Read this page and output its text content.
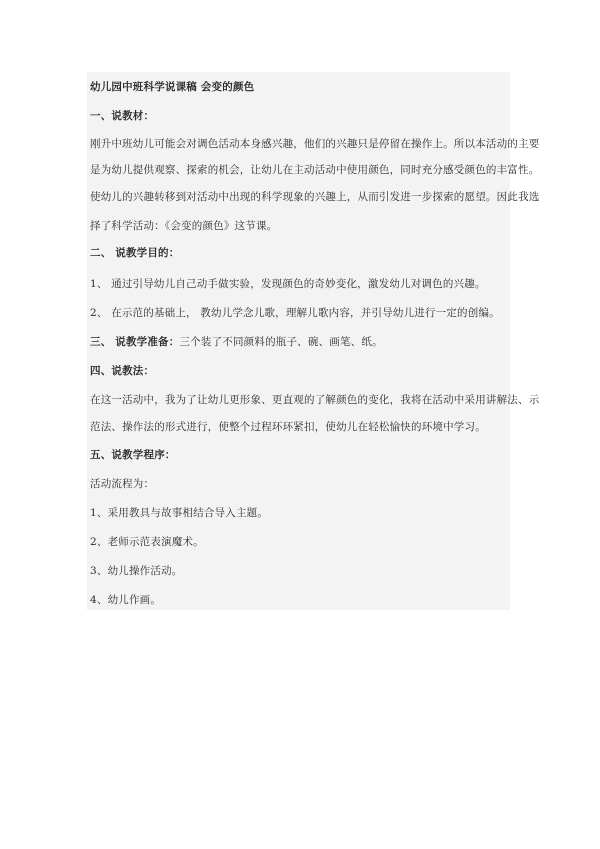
幼儿园中班科学说课稿 会变的颜色
一、说教材：
刚升中班幼儿可能会对调色活动本身感兴趣，他们的兴趣只是停留在操作上。所以本活动的主要
是为幼儿提供观察、探索的机会，让幼儿在主动活动中使用颜色，同时充分感受颜色的丰富性。
使幼儿的兴趣转移到对活动中出现的科学现象的兴趣上，从而引发进一步探索的愿望。因此我选
择了科学活动：《会变的颜色》这节课。
二、 说教学目的：
1、 通过引导幼儿自己动手做实验，发现颜色的奇妙变化，激发幼儿对调色的兴趣。
2、 在示范的基础上， 教幼儿学念儿歌，理解儿歌内容，并引导幼儿进行一定的创编。
三、 说教学准备：三个装了不同颜料的瓶子、碗、画笔、纸。
四、说教法：
在这一活动中，我为了让幼儿更形象、更直观的了解颜色的变化，我将在活动中采用讲解法、示
范法、操作法的形式进行，使整个过程环环紧扣，使幼儿在轻松愉快的环境中学习。
五、说教学程序：
活动流程为：
1、采用教具与故事相结合导入主题。
2、老师示范表演魔术。
3、幼儿操作活动。
4、幼儿作画。
